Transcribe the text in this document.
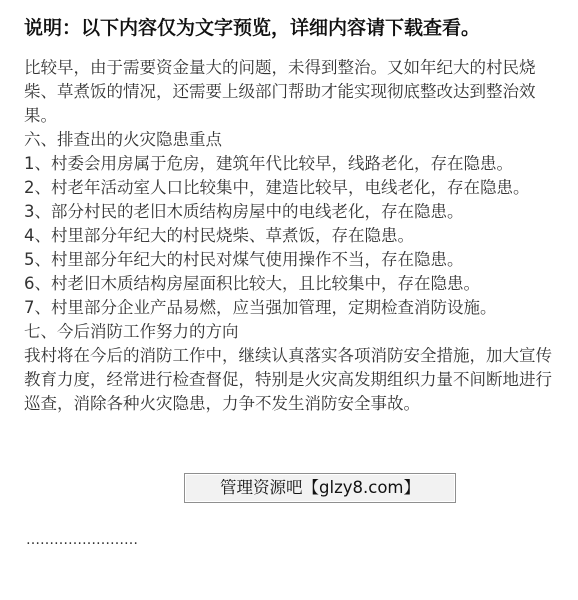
说明：以下内容仅为文字预览，详细内容请下载查看。

比较早，由于需要资金量大的问题，未得到整治。又如年纪大的村民烧柴、草煮饭的情况，还需要上级部门帮助才能实现彻底整改达到整治效果。

六、排查出的火灾隐患重点

1、村委会用房属于危房，建筑年代比较早，线路老化，存在隐患。

2、村老年活动室人口比较集中，建造比较早，电线老化，存在隐患。

3、部分村民的老旧木质结构房屋中的电线老化，存在隐患。

4、村里部分年纪大的村民烧柴、草煮饭，存在隐患。

5、村里部分年纪大的村民对煤气使用操作不当，存在隐患。

6、村老旧木质结构房屋面积比较大，且比较集中，存在隐患。

7、村里部分企业产品易燃，应当强加管理，定期检查消防设施。

七、今后消防工作努力的方向

我村将在今后的消防工作中，继续认真落实各项消防安全措施，加大宣传教育力度，经常进行检查督促，特别是火灾高发期组织力量不间断地进行巡查，消除各种火灾隐患，力争不发生消防安全事故。

管理资源吧【glzy8.com】
……………………
